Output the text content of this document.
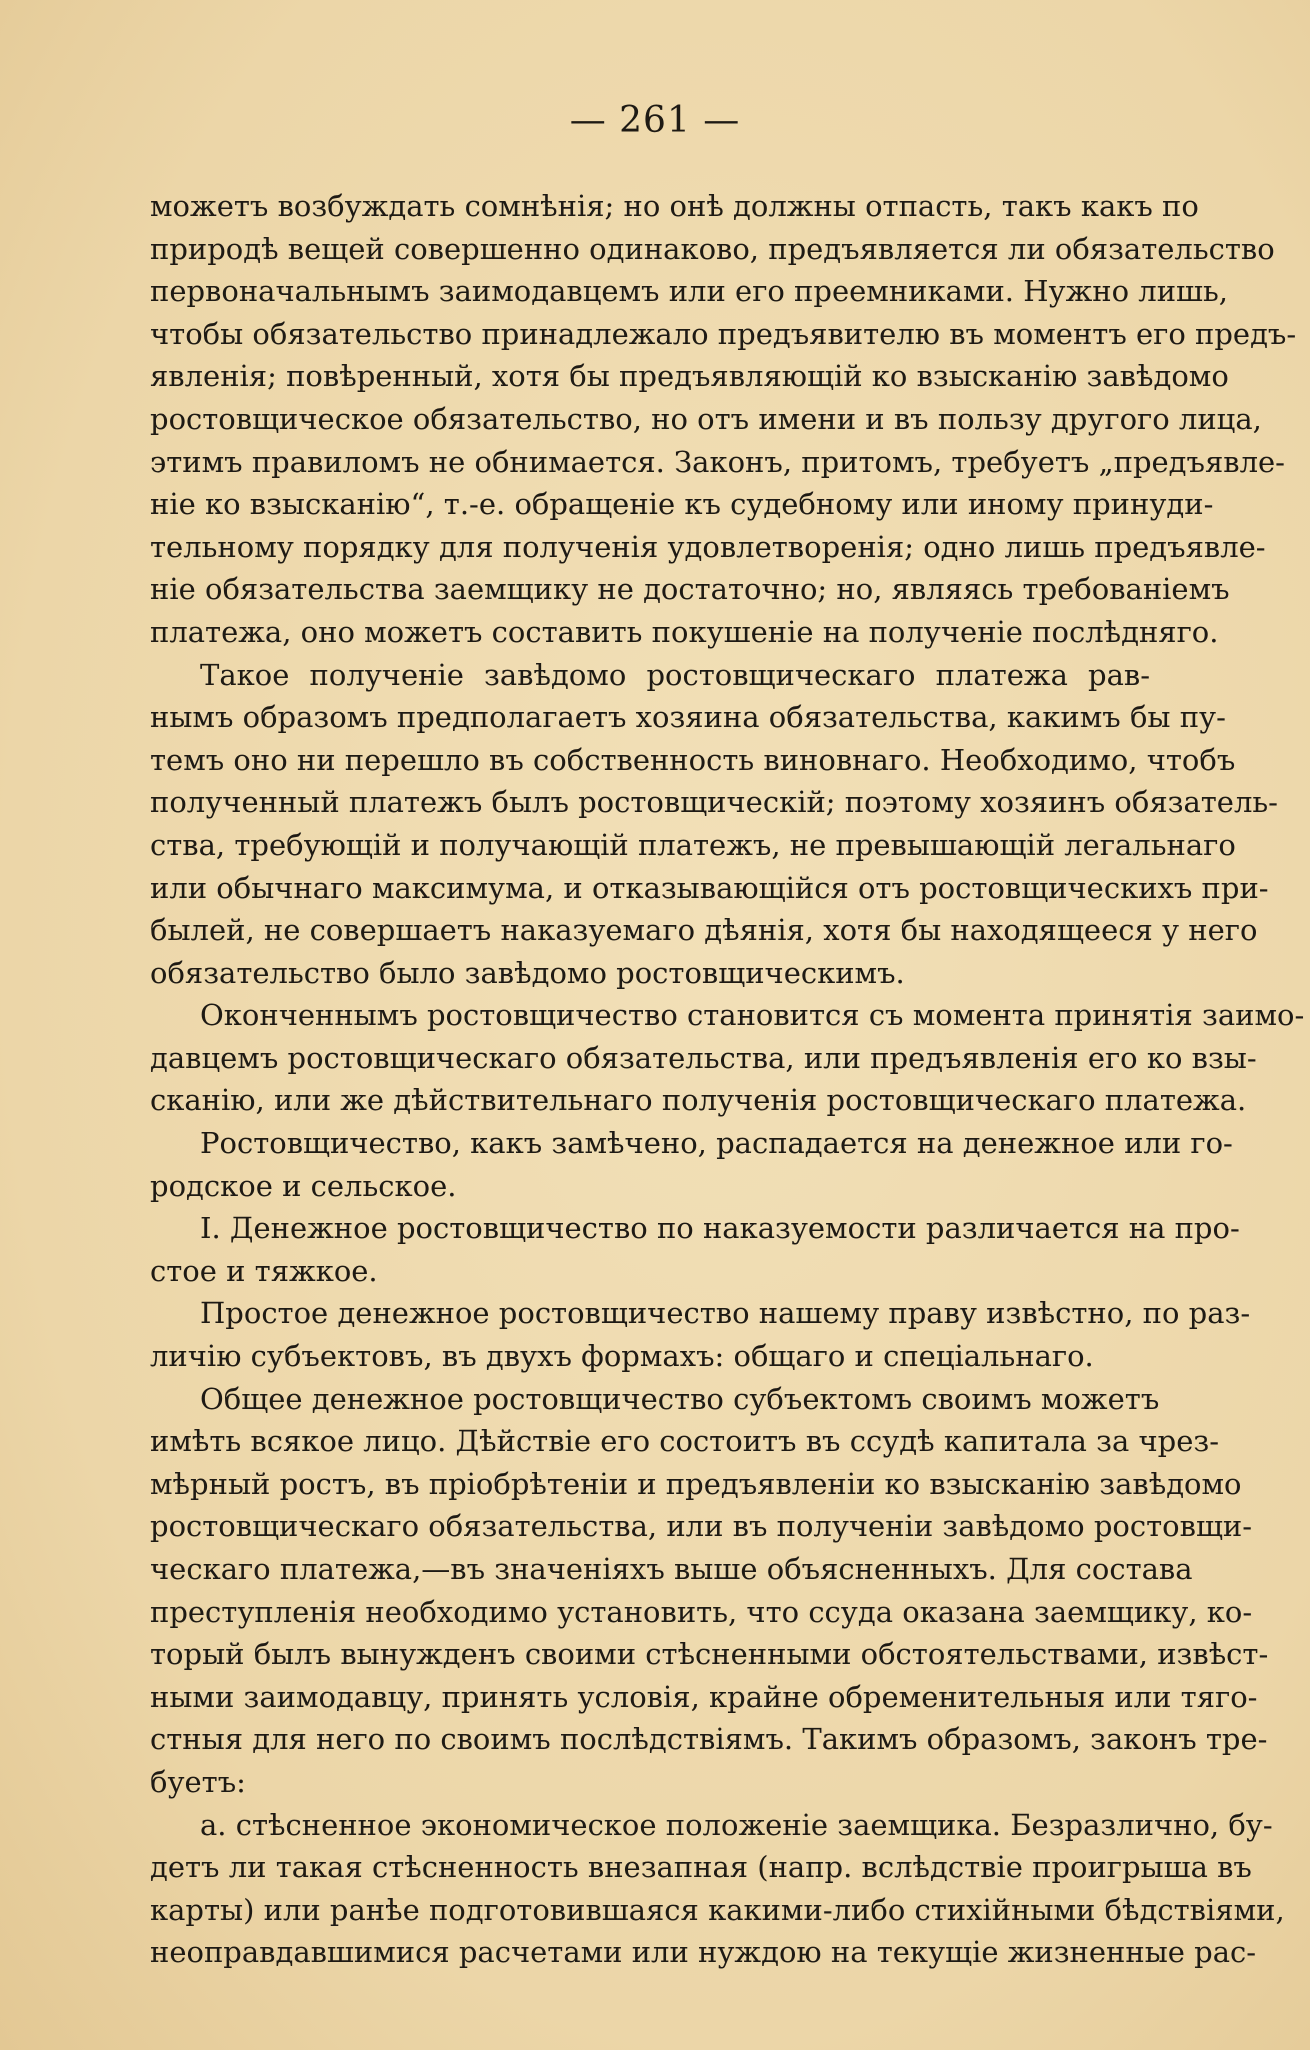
— 261 —
можетъ возбуждать сомнѣнія; но онѣ должны отпасть, такъ какъ по
природѣ вещей совершенно одинаково, предъявляется ли обязательство
первоначальнымъ заимодавцемъ или его преемниками. Нужно лишь,
чтобы обязательство принадлежало предъявителю въ моментъ его предъ-
явленія; повѣренный, хотя бы предъявляющій ко взысканію завѣдомо
ростовщическое обязательство, но отъ имени и въ пользу другого лица,
этимъ правиломъ не обнимается. Законъ, притомъ, требуетъ „предъявле-
ніе ко взысканію“, т.-е. обращеніе къ судебному или иному принуди-
тельному порядку для полученія удовлетворенія; одно лишь предъявле-
ніе обязательства заемщику не достаточно; но, являясь требованіемъ
платежа, оно можетъ составить покушеніе на полученіе послѣдняго.
Такое полученіе завѣдомо ростовщическаго платежа рав-
нымъ образомъ предполагаетъ хозяина обязательства, какимъ бы пу-
темъ оно ни перешло въ собственность виновнаго. Необходимо, чтобъ
полученный платежъ былъ ростовщическій; поэтому хозяинъ обязатель-
ства, требующій и получающій платежъ, не превышающій легальнаго
или обычнаго максимума, и отказывающійся отъ ростовщическихъ при-
былей, не совершаетъ наказуемаго дѣянія, хотя бы находящееся у него
обязательство было завѣдомо ростовщическимъ.
Оконченнымъ ростовщичество становится съ момента принятія заимо-
давцемъ ростовщическаго обязательства, или предъявленія его ко взы-
сканію, или же дѣйствительнаго полученія ростовщическаго платежа.
Ростовщичество, какъ замѣчено, распадается на денежное или го-
родское и сельское.
I. Денежное ростовщичество по наказуемости различается на про-
стое и тяжкое.
Простое денежное ростовщичество нашему праву извѣстно, по раз-
личію субъектовъ, въ двухъ формахъ: общаго и спеціальнаго.
Общее денежное ростовщичество субъектомъ своимъ можетъ
имѣть всякое лицо. Дѣйствіе его состоитъ въ ссудѣ капитала за чрез-
мѣрный ростъ, въ пріобрѣтеніи и предъявленіи ко взысканію завѣдомо
ростовщическаго обязательства, или въ полученіи завѣдомо ростовщи-
ческаго платежа,—въ значеніяхъ выше объясненныхъ. Для состава
преступленія необходимо установить, что ссуда оказана заемщику, ко-
торый былъ вынужденъ своими стѣсненными обстоятельствами, извѣст-
ными заимодавцу, принять условія, крайне обременительныя или тяго-
стныя для него по своимъ послѣдствіямъ. Такимъ образомъ, законъ тре-
буетъ:
а. стѣсненное экономическое положеніе заемщика. Безразлично, бу-
детъ ли такая стѣсненность внезапная (напр. вслѣдствіе проигрыша въ
карты) или ранѣе подготовившаяся какими-либо стихійными бѣдствіями,
неоправдавшимися расчетами или нуждою на текущіе жизненные рас-
